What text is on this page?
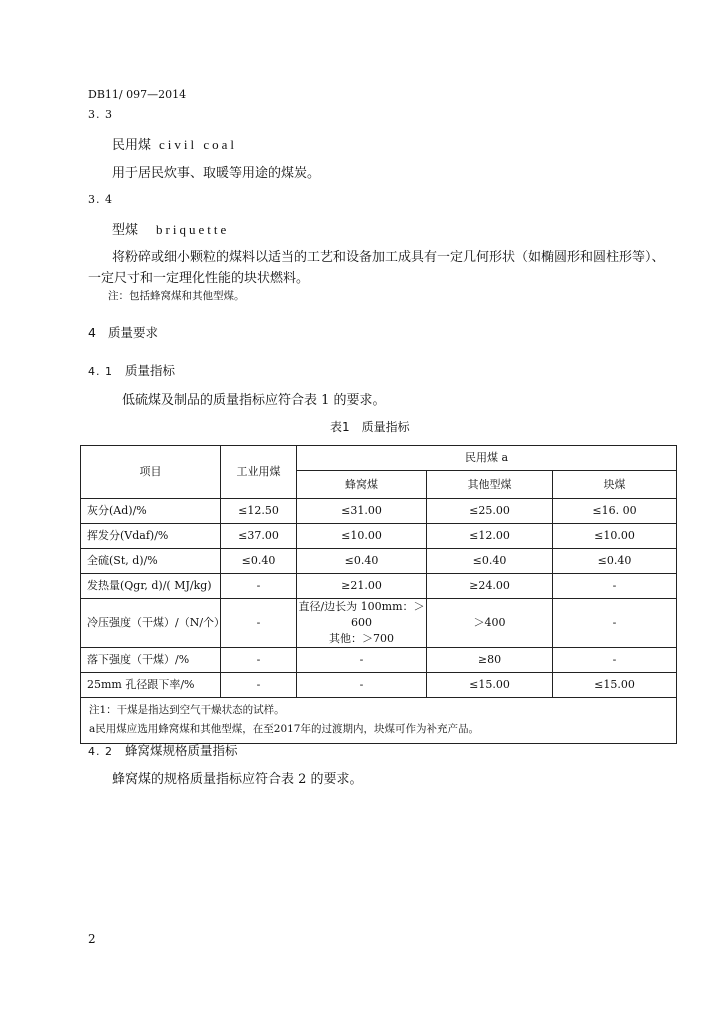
DB11/ 097—2014
3. 3
民用煤 civil coal
用于居民炊事、取暖等用途的煤炭。
3. 4
型煤 briquette
将粉碎或细小颗粒的煤料以适当的工艺和设备加工成具有一定几何形状（如椭圆形和圆柱形等）、
一定尺寸和一定理化性能的块状燃料。
注：包括蜂窝煤和其他型煤。
4 质量要求
4. 1 质量指标
低硫煤及制品的质量指标应符合表 1 的要求。
表1 质量指标
项目	工业用煤	民用煤 a		
		蜂窝煤	其他型煤	块煤
灰分(Ad)/%	≤12.50	≤31.00	≤25.00	≤16. 00
挥发分(Vdaf)/%	≤37.00	≤10.00	≤12.00	≤10.00
全硫(St, d)/%	≤0.40	≤0.40	≤0.40	≤0.40
发热量(Qgr, d)/( MJ/kg)	-	≥21.00	≥24.00	-
冷压强度（干煤）/（N/个）	-	直径/边长为 100mm：＞600
其他：＞700	＞400	-
落下强度（干煤）/%	-	-	≥80	-
25mm 孔径跟下率/%	-	-	≤15.00	≤15.00

注1：干煤是指达到空气干燥状态的试样。
a民用煤应选用蜂窝煤和其他型煤，在至2017年的过渡期内，块煤可作为补充产品。				
4. 2 蜂窝煤规格质量指标
蜂窝煤的规格质量指标应符合表 2 的要求。
2
